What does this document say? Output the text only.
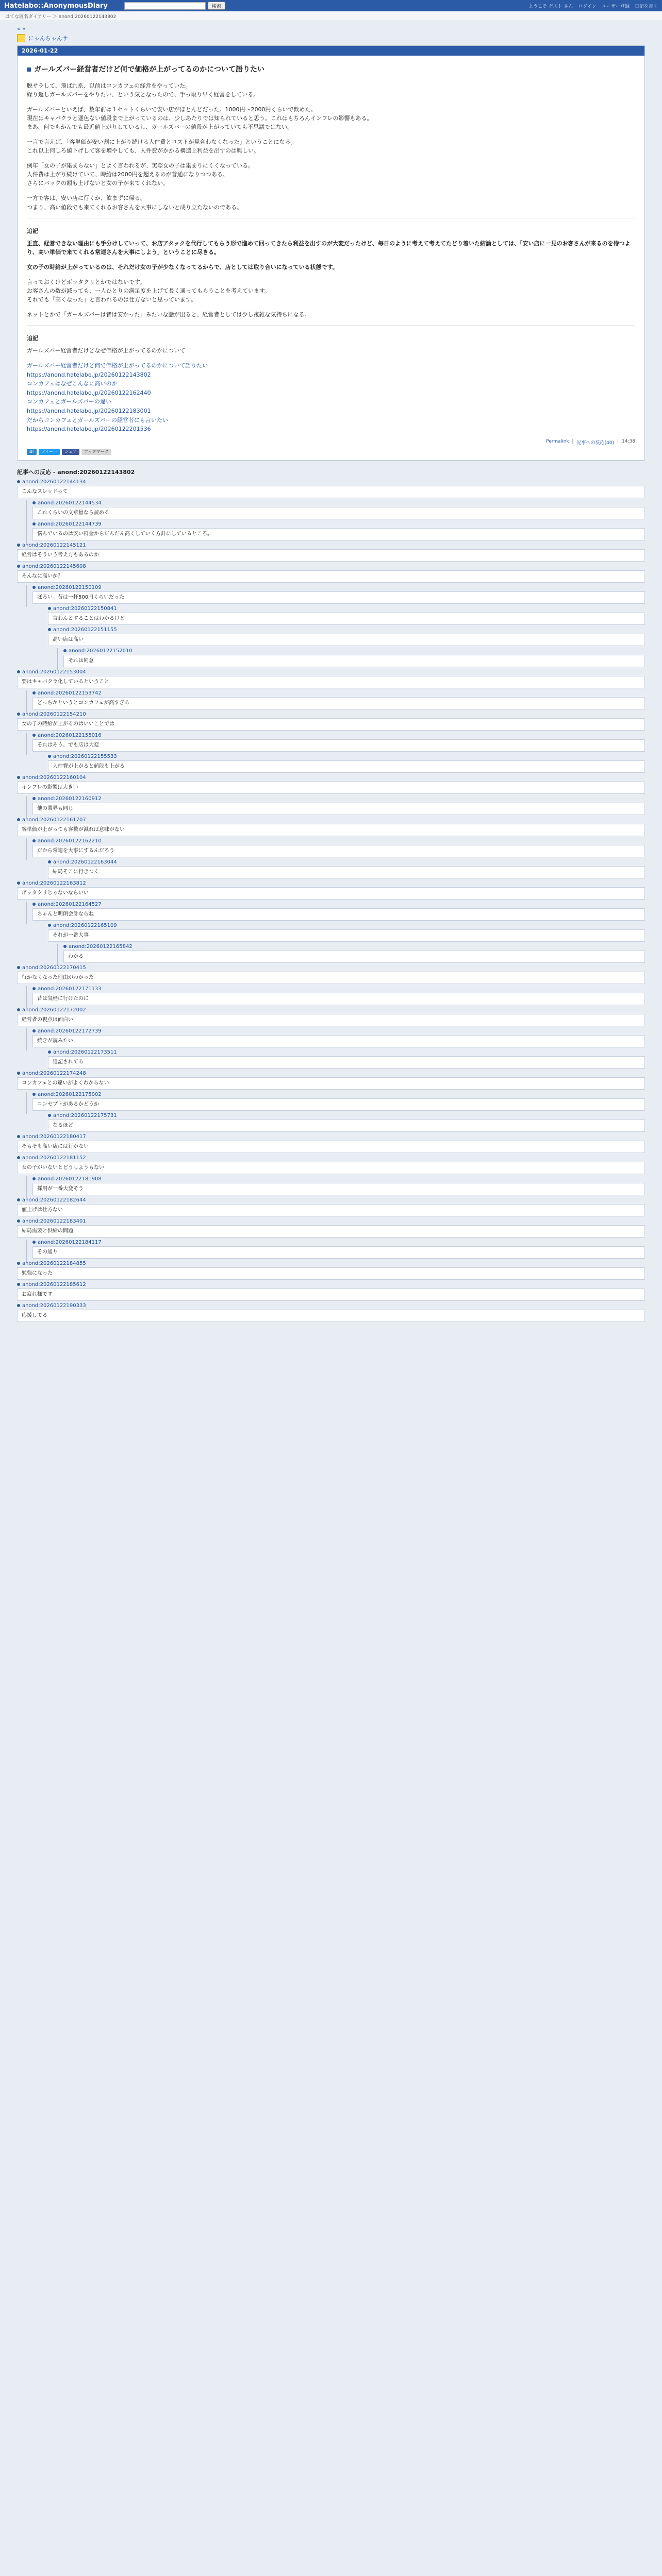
Hatelabo::AnonymousDiary	検索	ようこそ ゲスト さん ログイン ユーザー登録 日記を書く
はてな匿名ダイアリー ＞ anond:20260122143802
« »
にゃんちゃんサ
2026-01-22
ガールズバー経営者だけど何で価格が上がってるのかについて語りたい
脱サラして、飛ばれ系、以前はコンカフェの経営をやっていた。
繰り返しガールズバーをやりたい、という気となったので、手っ取り早く経営をしている。
ガールズバーといえば、数年前は１セットくらいで安い店がほとんどだった。1000円〜2000円くらいで飲めた。
現在はキャバクラと遜色ない値段まで上がっているのは、少しあたりでは知られていると思う。これはもちろんインフレの影響もある。
まあ、何でもかんでも最近値上がりしているし、ガールズバーの値段が上がっていても不思議ではない。
一言で言えば、「客単価が安い割に上がり続ける人件費とコストが見合わなくなった」ということになる。
これ以上何しろ値下げして客を増やしても、人件費がかかる構造上利益を出すのは難しい。
例年「女の子が集まらない」とよく言われるが、実際女の子は集まりにくくなっている。
人件費は上がり続けていて、時給は2000円を超えるのが普通になりつつある。
さらにバックの額も上げないと女の子が来てくれない。
一方で客は、安い店に行くか、飲まずに帰る。
つまり、高い値段でも来てくれるお客さんを大事にしないと成り立たないのである。
追記
正直、経営できない理由にも手分けしていって、お店アタックを代行してもらう形で進めて回ってきたら利益を出すのが大変だったけど、毎日のように考えて考えてたどり着いた結論としては、「安い店に一見のお客さんが来るのを待つより、高い単価で来てくれる常連さんを大事にしよう」ということに尽きる。
女の子の時給が上がっているのは、それだけ女の子が少なくなってるからで、店としては取り合いになっている状態です。
言っておくけどボッタクリとかではないです。
お客さんの数が減っても、一人ひとりの満足度を上げて長く通ってもらうことを考えています。
それでも「高くなった」と言われるのは仕方ないと思っています。
ネットとかで「ガールズバーは昔は安かった」みたいな話が出ると、経営者としては少し複雑な気持ちになる。
追記
ガールズバー経営者だけどなぜ価格が上がってるのかについて
ガールズバー経営者だけど何で価格が上がってるのかについて語りたい
https://anond.hatelabo.jp/20260122143802
コンカフェはなぜこんなに高いのか
https://anond.hatelabo.jp/20260122162440
コンカフェとガールズバーの違い
https://anond.hatelabo.jp/20260122183001
だからコンカフェとガールズバーの経営者にも言いたい
https://anond.hatelabo.jp/20260122201536
Permalink | 記事への反応(40) | 14:38
B!	ツイート	シェア	ブックマーク
記事への反応 - anond:20260122143802
anond:20260122144134
こんなスレッドって
anond:20260122144534
これくらいの文章量なら読める
anond:20260122144739
悩んでいるのは安い料金からだんだん高くしていく方針にしているところ。
anond:20260122145121
経営はそういう考え方もあるのか
anond:20260122145608
そんなに高いか？
anond:20260122150109
ぼろい。昔は一杯500円くらいだった
anond:20260122150841
言わんとすることはわかるけど
anond:20260122151155
高い店は高い
anond:20260122152010
それは同意
anond:20260122153004
要はキャバクラ化しているということ
anond:20260122153742
どっちかというとコンカフェが高すぎる
anond:20260122154210
女の子の時給が上がるのはいいことでは
anond:20260122155016
それはそう。でも店は大変
anond:20260122155533
人件費が上がると値段も上がる
anond:20260122160104
インフレの影響は大きい
anond:20260122160912
他の業界も同じ
anond:20260122161707
客単価が上がっても客数が減れば意味がない
anond:20260122162210
だから常連を大事にするんだろう
anond:20260122163044
結局そこに行きつく
anond:20260122163812
ボッタクリじゃないならいい
anond:20260122164527
ちゃんと明朗会計ならね
anond:20260122165109
それが一番大事
anond:20260122165842
わかる
anond:20260122170415
行かなくなった理由がわかった
anond:20260122171133
昔は気軽に行けたのに
anond:20260122172002
経営者の視点は面白い
anond:20260122172739
続きが読みたい
anond:20260122173511
追記されてる
anond:20260122174248
コンカフェとの違いがよくわからない
anond:20260122175002
コンセプトがあるかどうか
anond:20260122175731
なるほど
anond:20260122180417
そもそも高い店には行かない
anond:20260122181152
女の子がいないとどうしようもない
anond:20260122181908
採用が一番大変そう
anond:20260122182644
値上げは仕方ない
anond:20260122183401
結局需要と供給の問題
anond:20260122184117
その通り
anond:20260122184855
勉強になった
anond:20260122185612
お疲れ様です
anond:20260122190333
応援してる
